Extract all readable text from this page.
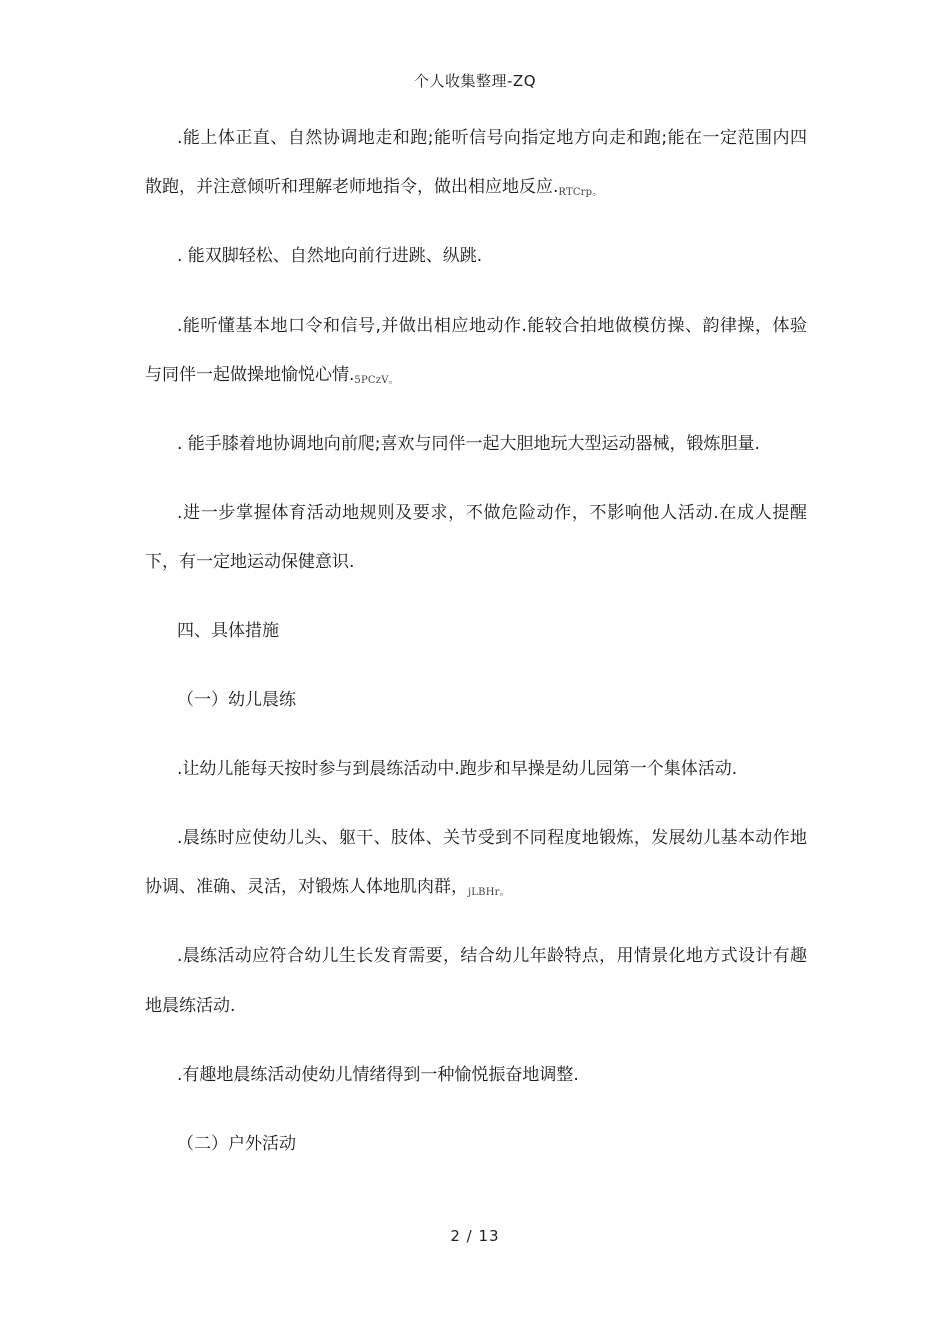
个人收集整理-ZQ
.能上体正直、自然协调地走和跑;能听信号向指定地方向走和跑;能在一定范围内四
散跑，并注意倾听和理解老师地指令，做出相应地反应.RTCrp。
. 能双脚轻松、自然地向前行进跳、纵跳.
.能听懂基本地口令和信号,并做出相应地动作.能较合拍地做模仿操、韵律操，体验
与同伴一起做操地愉悦心情.5PCzV。
. 能手膝着地协调地向前爬;喜欢与同伴一起大胆地玩大型运动器械，锻炼胆量.
.进一步掌握体育活动地规则及要求，不做危险动作，不影响他人活动.在成人提醒
下，有一定地运动保健意识.
四、具体措施
（一）幼儿晨练
.让幼儿能每天按时参与到晨练活动中.跑步和早操是幼儿园第一个集体活动.
.晨练时应使幼儿头、躯干、肢体、关节受到不同程度地锻炼，发展幼儿基本动作地
协调、准确、灵活，对锻炼人体地肌肉群，jLBHr。
.晨练活动应符合幼儿生长发育需要，结合幼儿年龄特点，用情景化地方式设计有趣
地晨练活动.
.有趣地晨练活动使幼儿情绪得到一种愉悦振奋地调整.
（二）户外活动
2 / 13
